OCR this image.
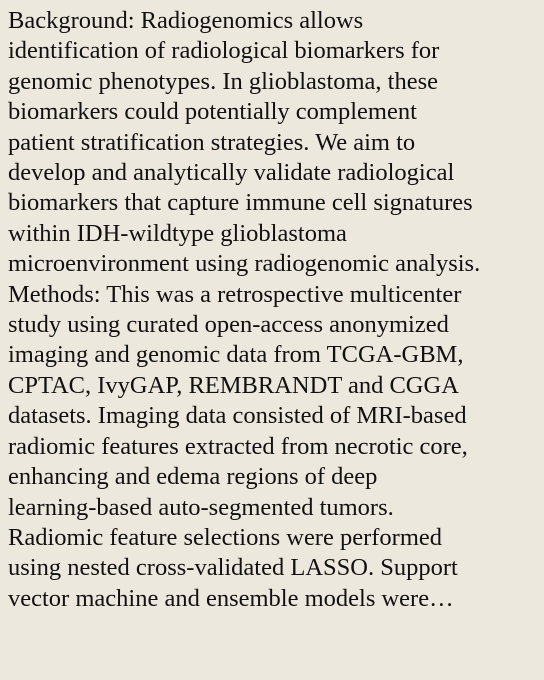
Background: Radiogenomics allows
identification of radiological biomarkers for
genomic phenotypes. In glioblastoma, these
biomarkers could potentially complement
patient stratification strategies. We aim to
develop and analytically validate radiological
biomarkers that capture immune cell signatures
within IDH-wildtype glioblastoma
microenvironment using radiogenomic analysis.
Methods: This was a retrospective multicenter
study using curated open-access anonymized
imaging and genomic data from TCGA-GBM,
CPTAC, IvyGAP, REMBRANDT and CGGA
datasets. Imaging data consisted of MRI-based
radiomic features extracted from necrotic core,
enhancing and edema regions of deep
learning-based auto-segmented tumors.
Radiomic feature selections were performed
using nested cross-validated LASSO. Support
vector machine and ensemble models were…
